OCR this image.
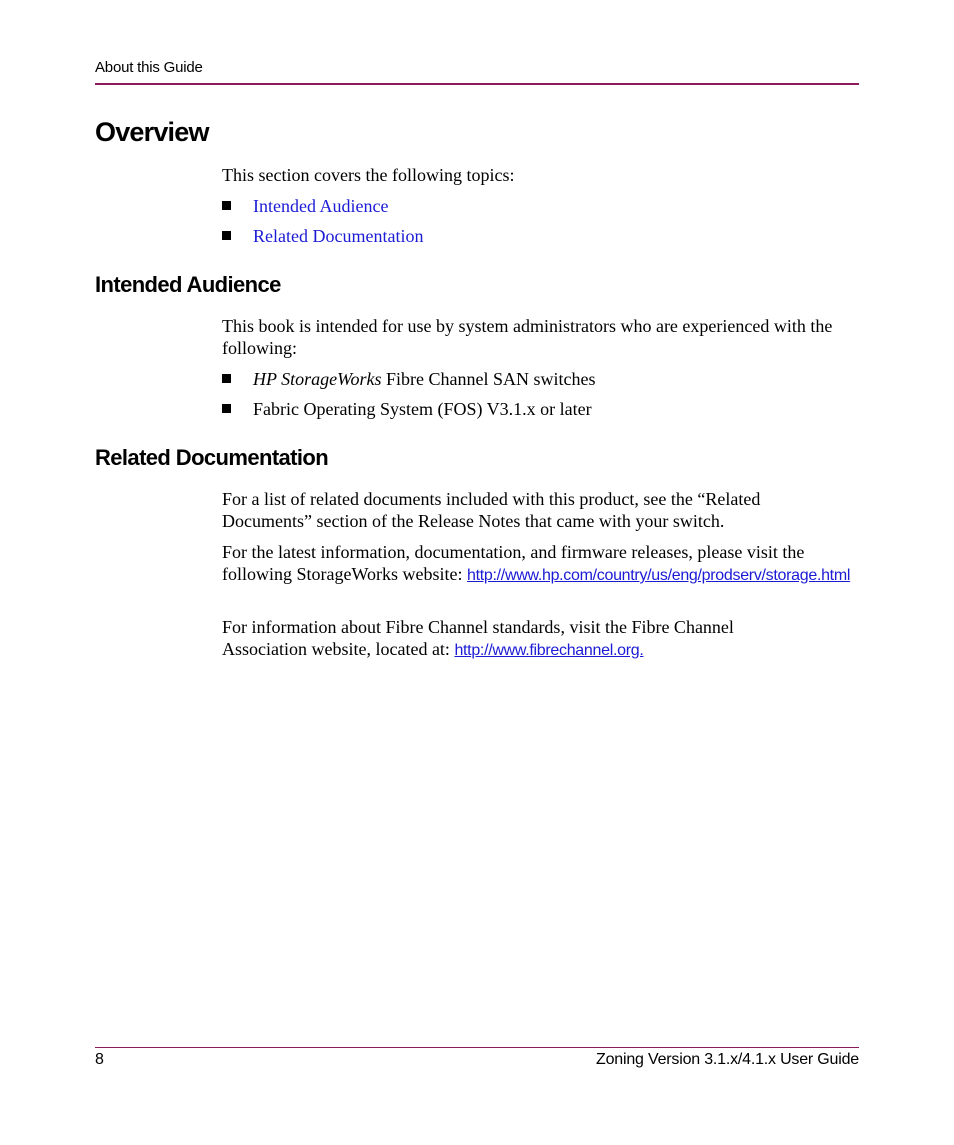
About this Guide
Overview

This section covers the following topics:

Intended Audience
Related Documentation
Intended Audience

This book is intended for use by system administrators who are experienced with the following:

HP StorageWorks Fibre Channel SAN switches
Fabric Operating System (FOS) V3.1.x or later
Related Documentation

For a list of related documents included with this product, see the “Related Documents” section of the Release Notes that came with your switch.

For the latest information, documentation, and firmware releases, please visit the following StorageWorks website: http://www.hp.com/country/us/eng/prodserv/storage.html

For information about Fibre Channel standards, visit the Fibre Channel Association website, located at: http://www.fibrechannel.org.

8	Zoning Version 3.1.x/4.1.x User Guide
